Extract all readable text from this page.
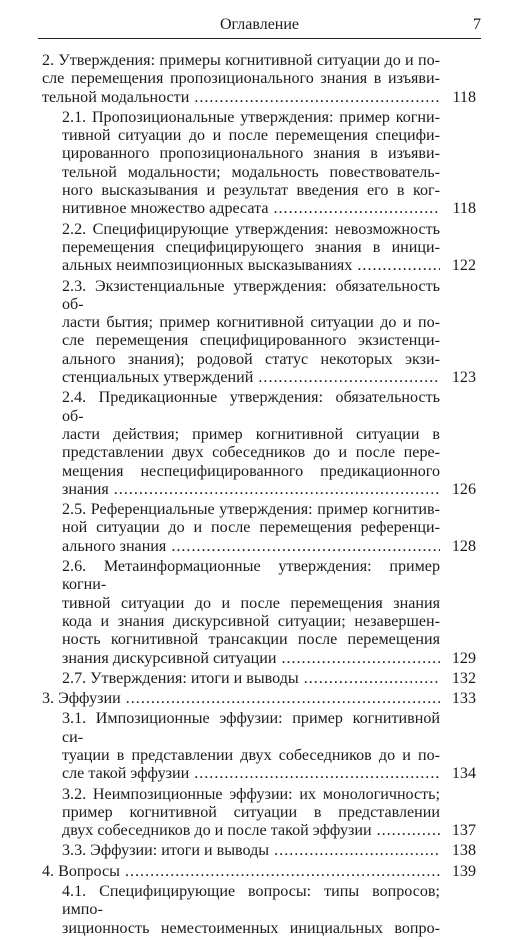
Оглавление	7
2. Утверждения: примеры когнитивной ситуации до и по-
сле перемещения пропозиционального знания в изъяви-
тельной модальности .....	118
2.1. Пропозициональные утверждения: пример когни-
тивной ситуации до и после перемещения специфи-
цированного пропозиционального знания в изъяви-
тельной модальности; модальность повествователь-
ного высказывания и результат введения его в ког-
нитивное множество адресата .....	118
2.2. Специфицирующие утверждения: невозможность
перемещения специфицирующего знания в иници-
альных неимпозиционных высказываниях .....	122
2.3. Экзистенциальные утверждения: обязательность об-
ласти бытия; пример когнитивной ситуации до и по-
сле перемещения специфицированного экзистенци-
ального знания); родовой статус некоторых экзи-
стенциальных утверждений .....	123
2.4. Предикационные утверждения: обязательность об-
ласти действия; пример когнитивной ситуации в
представлении двух собеседников до и после пере-
мещения неспецифицированного предикационного
знания .....	126
2.5. Референциальные утверждения: пример когнитив-
ной ситуации до и после перемещения референци-
ального знания .....	128
2.6. Метаинформационные утверждения: пример когни-
тивной ситуации до и после перемещения знания
кода и знания дискурсивной ситуации; незавершен-
ность когнитивной трансакции после перемещения
знания дискурсивной ситуации .....	129
2.7. Утверждения: итоги и выводы .....	132
3. Эффузии .....	133
3.1. Импозиционные эффузии: пример когнитивной си-
туации в представлении двух собеседников до и по-
сле такой эффузии .....	134
3.2. Неимпозиционные эффузии: их монологичность;
пример когнитивной ситуации в представлении
двух собеседников до и после такой эффузии .....	137
3.3. Эффузии: итоги и выводы .....	138
4. Вопросы .....	139
4.1. Специфицирующие вопросы: типы вопросов; импо-
зиционность неместоименных инициальных вопро-
